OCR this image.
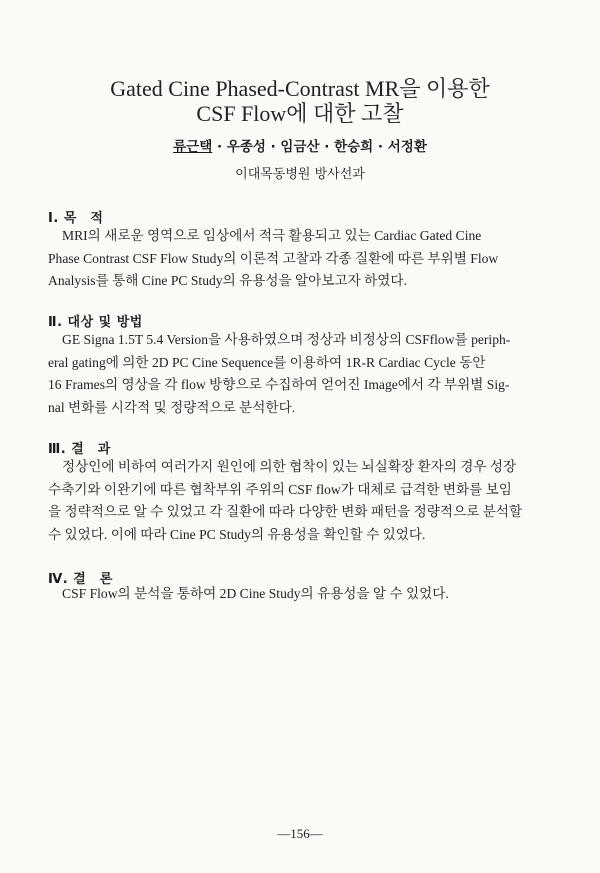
Gated Cine Phased-Contrast MR을 이용한
CSF Flow에 대한 고찰
류근택 · 우종성 · 임금산 · 한승희 · 서정환
이대목동병원 방사선과
Ⅰ. 목　적
MRI의 새로운 영역으로 임상에서 적극 활용되고 있는 Cardiac Gated Cine
Phase Contrast CSF Flow Study의 이론적 고찰과 각종 질환에 따른 부위별 Flow
Analysis를 통해 Cine PC Study의 유용성을 알아보고자 하였다.
Ⅱ. 대상 및 방법
GE Signa 1.5T 5.4 Version을 사용하였으며 정상과 비정상의 CSFflow를 periph-
eral gating에 의한 2D PC Cine Sequence를 이용하여 1R-R Cardiac Cycle 동안
16 Frames의 영상을 각 flow 방향으로 수집하여 얻어진 Image에서 각 부위별 Sig-
nal 변화를 시각적 및 정량적으로 분석한다.
Ⅲ. 결　과
정상인에 비하여 여러가지 원인에 의한 협착이 있는 뇌실확장 환자의 경우 성장
수축기와 이완기에 따른 협착부위 주위의 CSF flow가 대체로 급격한 변화를 보임
을 정략적으로 알 수 있었고 각 질환에 따라 다양한 변화 패턴을 정량적으로 분석할
수 있었다. 이에 따라 Cine PC Study의 유용성을 확인할 수 있었다.
Ⅳ. 결　론
CSF Flow의 분석을 통하여 2D Cine Study의 유용성을 알 수 있었다.
—156—
